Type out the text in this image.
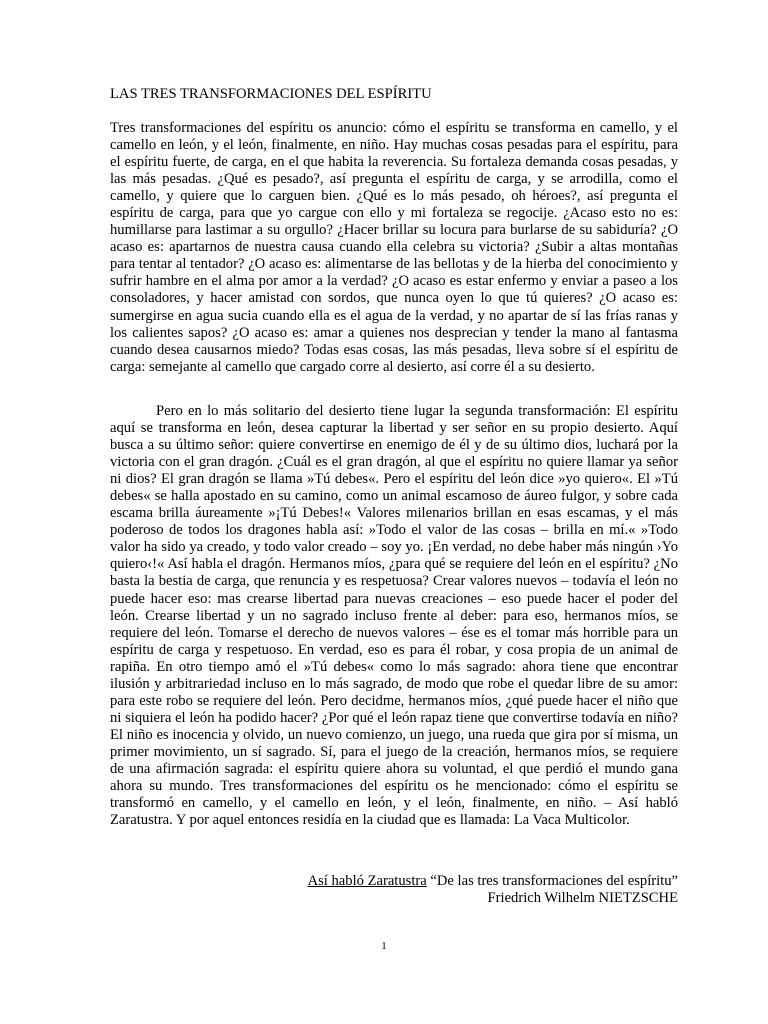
LAS TRES TRANSFORMACIONES DEL ESPÍRITU

Tres transformaciones del espíritu os anuncio: cómo el espíritu se transforma en camello, y el camello en león, y el león, finalmente, en niño. Hay muchas cosas pesadas para el espíritu, para el espíritu fuerte, de carga, en el que habita la reverencia. Su fortaleza demanda cosas pesadas, y las más pesadas. ¿Qué es pesado?, así pregunta el espíritu de carga, y se arrodilla, como el camello, y quiere que lo carguen bien. ¿Qué es lo más pesado, oh héroes?, así pregunta el espíritu de carga, para que yo cargue con ello y mi fortaleza se regocije. ¿Acaso esto no es: humillarse para lastimar a su orgullo? ¿Hacer brillar su locura para burlarse de su sabiduría? ¿O acaso es: apartarnos de nuestra causa cuando ella celebra su victoria? ¿Subir a altas montañas para tentar al tentador? ¿O acaso es: alimentarse de las bellotas y de la hierba del conocimiento y sufrir hambre en el alma por amor a la verdad? ¿O acaso es estar enfermo y enviar a paseo a los consoladores, y hacer amistad con sordos, que nunca oyen lo que tú quieres? ¿O acaso es: sumergirse en agua sucia cuando ella es el agua de la verdad, y no apartar de sí las frías ranas y los calientes sapos? ¿O acaso es: amar a quienes nos desprecian y tender la mano al fantasma cuando desea causarnos miedo? Todas esas cosas, las más pesadas, lleva sobre sí el espíritu de carga: semejante al camello que cargado corre al desierto, así corre él a su desierto.

Pero en lo más solitario del desierto tiene lugar la segunda transformación: El espíritu aquí se transforma en león, desea capturar la libertad y ser señor en su propio desierto. Aquí busca a su último señor: quiere convertirse en enemigo de él y de su último dios, luchará por la victoria con el gran dragón. ¿Cuál es el gran dragón, al que el espíritu no quiere llamar ya señor ni dios? El gran dragón se llama »Tú debes«. Pero el espíritu del león dice »yo quiero«. El »Tú debes« se halla apostado en su camino, como un animal escamoso de áureo fulgor, y sobre cada escama brilla áureamente »¡Tú Debes!« Valores milenarios brillan en esas escamas, y el más poderoso de todos los dragones habla así: »Todo el valor de las cosas – brilla en mí.« »Todo valor ha sido ya creado, y todo valor creado – soy yo. ¡En verdad, no debe haber más ningún ›Yo quiero‹!« Así habla el dragón. Hermanos míos, ¿para qué se requiere del león en el espíritu? ¿No basta la bestia de carga, que renuncia y es respetuosa? Crear valores nuevos – todavía el león no puede hacer eso: mas crearse libertad para nuevas creaciones – eso puede hacer el poder del león. Crearse libertad y un no sagrado incluso frente al deber: para eso, hermanos míos, se requiere del león. Tomarse el derecho de nuevos valores – ése es el tomar más horrible para un espíritu de carga y respetuoso. En verdad, eso es para él robar, y cosa propia de un animal de rapiña. En otro tiempo amó el »Tú debes« como lo más sagrado: ahora tiene que encontrar ilusión y arbitrariedad incluso en lo más sagrado, de modo que robe el quedar libre de su amor: para este robo se requiere del león. Pero decidme, hermanos míos, ¿qué puede hacer el niño que ni siquiera el león ha podido hacer? ¿Por qué el león rapaz tiene que convertirse todavía en niño? El niño es inocencia y olvido, un nuevo comienzo, un juego, una rueda que gira por sí misma, un primer movimiento, un sí sagrado. Sí, para el juego de la creación, hermanos míos, se requiere de una afirmación sagrada: el espíritu quiere ahora su voluntad, el que perdió el mundo gana ahora su mundo. Tres transformaciones del espíritu os he mencionado: cómo el espíritu se transformó en camello, y el camello en león, y el león, finalmente, en niño. – Así habló Zaratustra. Y por aquel entonces residía en la ciudad que es llamada: La Vaca Multicolor.

Así habló Zaratustra “De las tres transformaciones del espíritu”
Friedrich Wilhelm NIETZSCHE
1
